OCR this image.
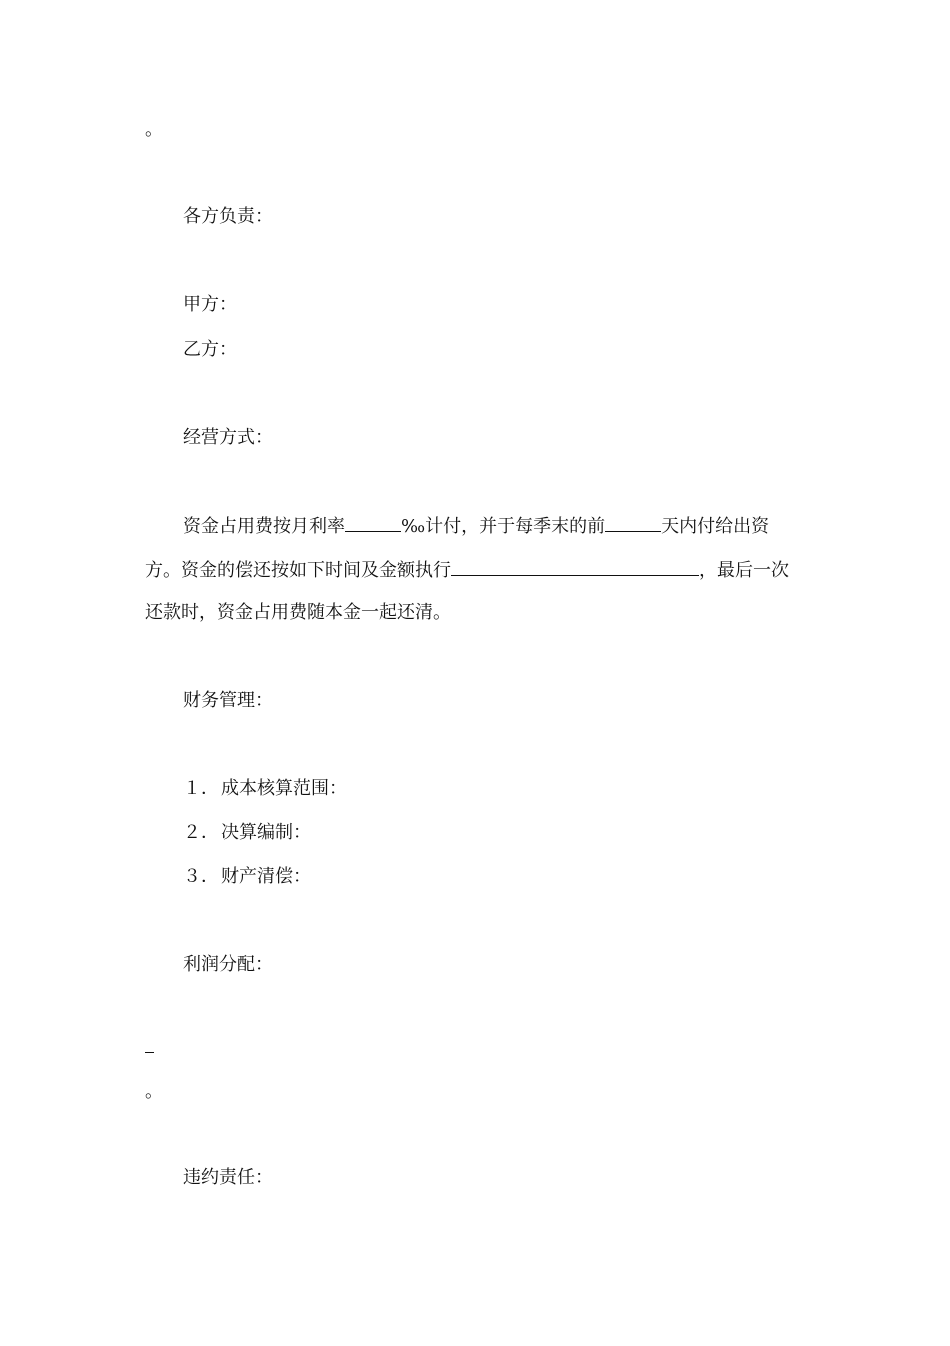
。
各方负责：
甲方：
乙方：
经营方式：
资金占用费按月利率	‰计付，并于每季末的前	天内付给出资
方。资金的偿还按如下时间及金额执行	，最后一次
还款时，资金占用费随本金一起还清。
财务管理：
１． 成本核算范围：
２． 决算编制：
３． 财产清偿：
利润分配：
。
违约责任：
